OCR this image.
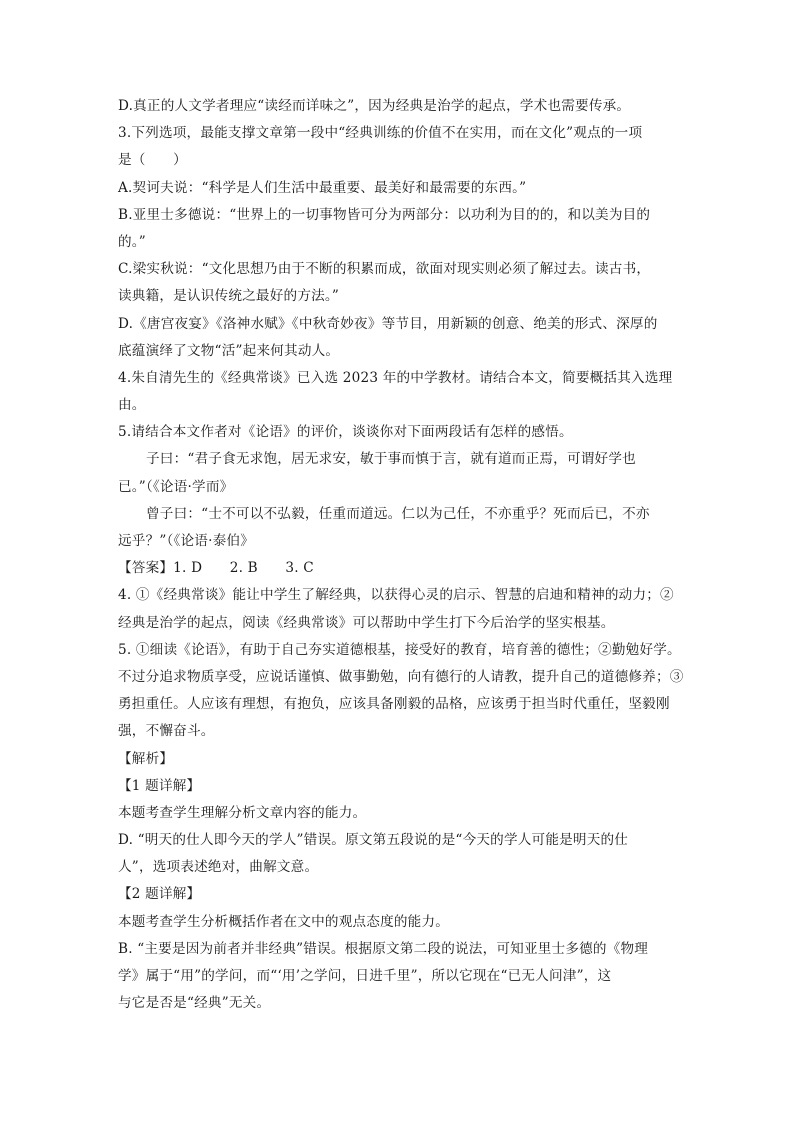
D.真正的人文学者理应“读经而详味之”，因为经典是治学的起点，学术也需要传承。
3.下列选项，最能支撑文章第一段中“经典训练的价值不在实用，而在文化”观点的一项
是（　　）
A.契诃夫说：“科学是人们生活中最重要、最美好和最需要的东西。”
B.亚里士多德说：“世界上的一切事物皆可分为两部分：以功利为目的的，和以美为目的
的。”
C.梁实秋说：“文化思想乃由于不断的积累而成，欲面对现实则必须了解过去。读古书，
读典籍，是认识传统之最好的方法。”
D.《唐宫夜宴》《洛神水赋》《中秋奇妙夜》等节目，用新颖的创意、绝美的形式、深厚的
底蕴演绎了文物“活”起来何其动人。
4.朱自清先生的《经典常谈》已入选 2023 年的中学教材。请结合本文，简要概括其入选理
由。
5.请结合本文作者对《论语》的评价，谈谈你对下面两段话有怎样的感悟。
子曰：“君子食无求饱，居无求安，敏于事而慎于言，就有道而正焉，可谓好学也
已。”（《论语·学而》
曾子曰：“士不可以不弘毅，任重而道远。仁以为己任，不亦重乎？死而后已，不亦
远乎？”（《论语·泰伯》
【答案】1. D　　2. B　　3. C
4. ①《经典常谈》能让中学生了解经典，以获得心灵的启示、智慧的启迪和精神的动力；②
经典是治学的起点，阅读《经典常谈》可以帮助中学生打下今后治学的坚实根基。
5. ①细读《论语》，有助于自己夯实道德根基，接受好的教育，培育善的德性；②勤勉好学。
不过分追求物质享受，应说话谨慎、做事勤勉，向有德行的人请教，提升自己的道德修养；③
勇担重任。人应该有理想，有抱负，应该具备刚毅的品格，应该勇于担当时代重任，坚毅刚
强，不懈奋斗。
【解析】
【1 题详解】
本题考查学生理解分析文章内容的能力。
D. “明天的仕人即今天的学人”错误。原文第五段说的是“今天的学人可能是明天的仕
人”，选项表述绝对，曲解文意。
【2 题详解】
本题考查学生分析概括作者在文中的观点态度的能力。
B. “主要是因为前者并非经典”错误。根据原文第二段的说法，可知亚里士多德的《物理
学》属于“用”的学问，而“‘用’之学问，日进千里”，所以它现在“已无人问津”，这
与它是否是“经典”无关。
